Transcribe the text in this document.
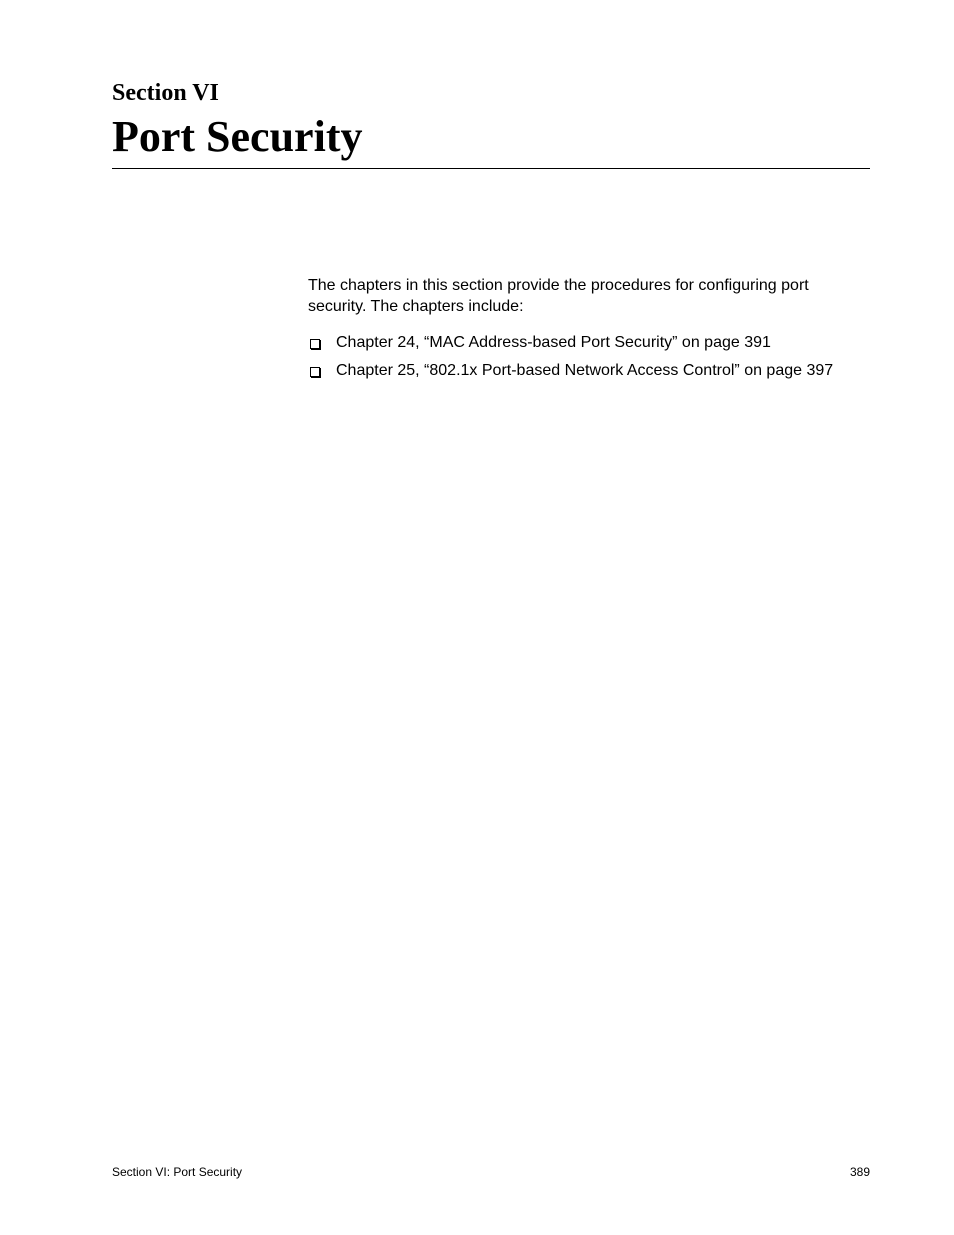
Section VI
Port Security

The chapters in this section provide the procedures for configuring port security. The chapters include:

Chapter 24, “MAC Address-based Port Security” on page 391
Chapter 25, “802.1x Port-based Network Access Control” on page 397
Section VI: Port Security	389
